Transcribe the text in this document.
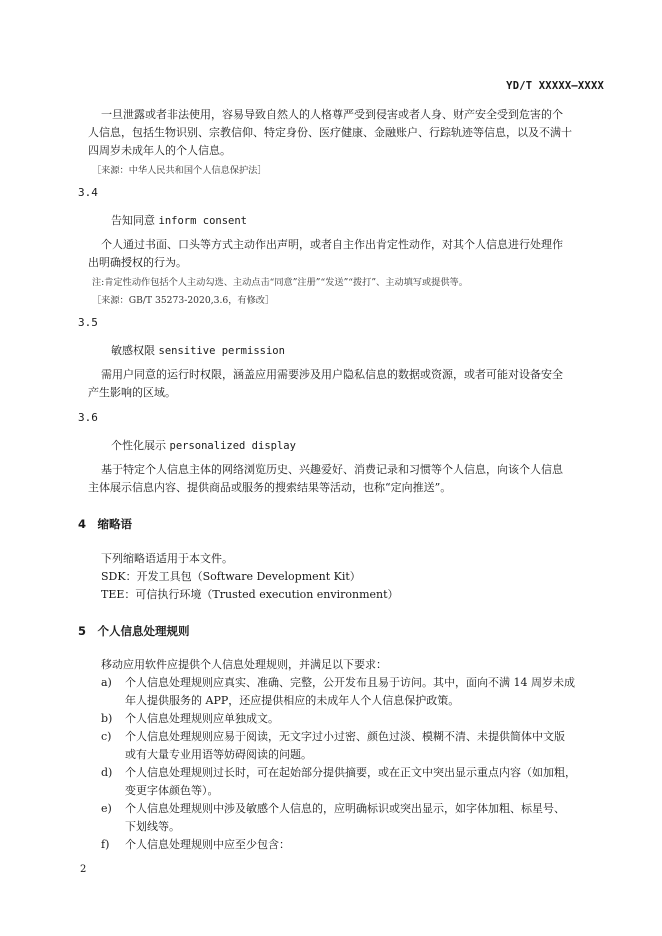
YD/T XXXXX—XXXX
一旦泄露或者非法使用，容易导致自然人的人格尊严受到侵害或者人身、财产安全受到危害的个
人信息，包括生物识别、宗教信仰、特定身份、医疗健康、金融账户、行踪轨迹等信息，以及不满十
四周岁未成年人的个人信息。
［来源：中华人民共和国个人信息保护法］
3.4
告知同意 inform consent
个人通过书面、口头等方式主动作出声明，或者自主作出肯定性动作，对其个人信息进行处理作
出明确授权的行为。
注:肯定性动作包括个人主动勾选、主动点击“同意”注册”“发送”“拨打”、主动填写或提供等。
［来源：GB/T 35273-2020,3.6，有修改］
3.5
敏感权限 sensitive permission
需用户同意的运行时权限，涵盖应用需要涉及用户隐私信息的数据或资源，或者可能对设备安全
产生影响的区域。
3.6
个性化展示 personalized display
基于特定个人信息主体的网络浏览历史、兴趣爱好、消费记录和习惯等个人信息，向该个人信息
主体展示信息内容、提供商品或服务的搜索结果等活动，也称“定向推送”。
4　缩略语
下列缩略语适用于本文件。
SDK：开发工具包（Software Development Kit）
TEE：可信执行环境（Trusted execution environment）
5　个人信息处理规则
移动应用软件应提供个人信息处理规则，并满足以下要求：
a) 个人信息处理规则应真实、准确、完整，公开发布且易于访问。其中，面向不满 14 周岁未成
年人提供服务的 APP，还应提供相应的未成年人个人信息保护政策。
b) 个人信息处理规则应单独成文。
c) 个人信息处理规则应易于阅读，无文字过小过密、颜色过淡、模糊不清、未提供简体中文版
或有大量专业用语等妨碍阅读的问题。
d) 个人信息处理规则过长时，可在起始部分提供摘要，或在正文中突出显示重点内容（如加粗，
变更字体颜色等）。
e) 个人信息处理规则中涉及敏感个人信息的，应明确标识或突出显示，如字体加粗、标星号、
下划线等。
f) 个人信息处理规则中应至少包含：
2
